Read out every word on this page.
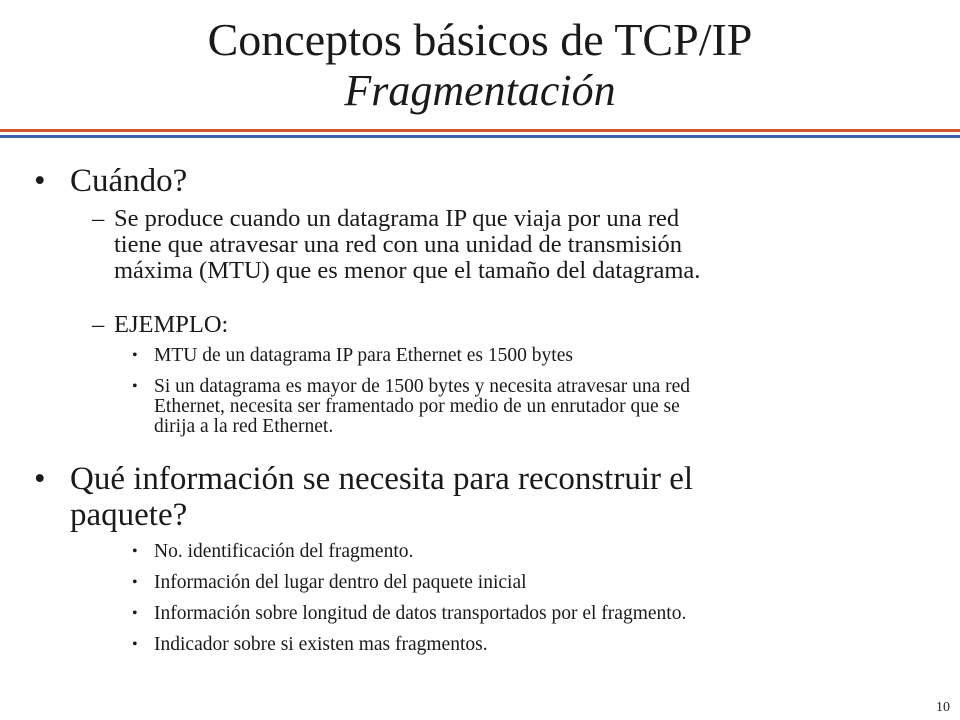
Conceptos básicos de TCP/IP
Fragmentación
• Cuándo?
– Se produce cuando un datagrama IP que viaja por una red
tiene que atravesar una red con una unidad de transmisión
máxima (MTU) que es menor que el tamaño del datagrama.
– EJEMPLO:
• MTU de un datagrama IP para Ethernet es 1500 bytes
• Si un datagrama es mayor de 1500 bytes y necesita atravesar una red
Ethernet, necesita ser framentado por medio de un enrutador que se
dirija a la red Ethernet.
• Qué información se necesita para reconstruir el
paquete?
• No. identificación del fragmento.
• Información del lugar dentro del paquete inicial
• Información sobre longitud de datos transportados por el fragmento.
• Indicador sobre si existen mas fragmentos.
10
